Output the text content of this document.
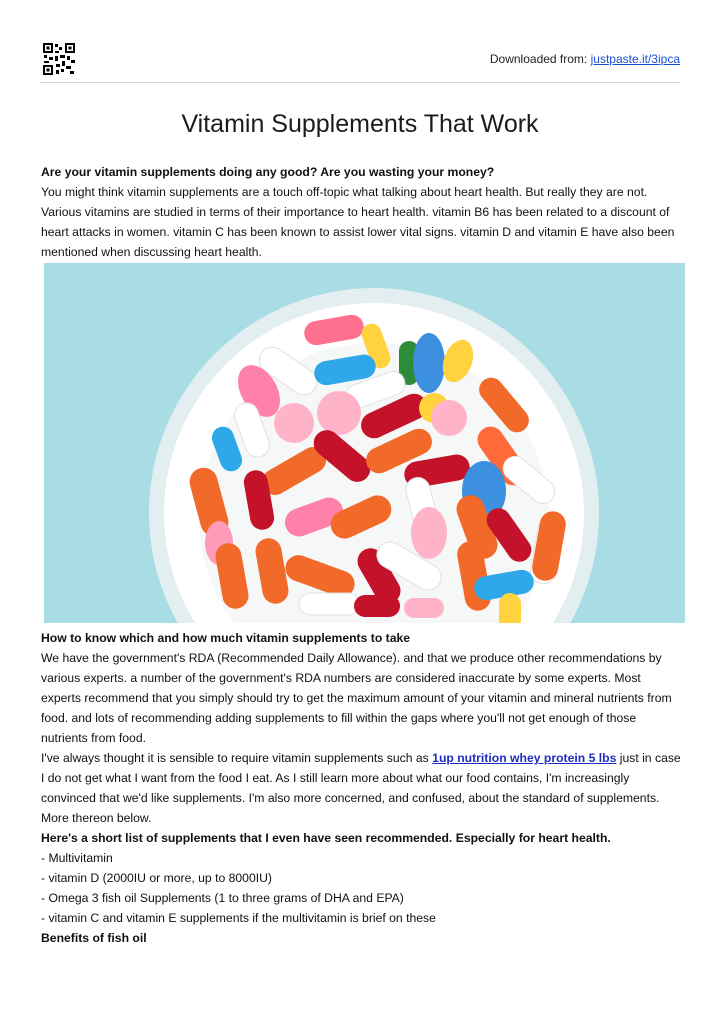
Downloaded from: justpaste.it/3ipca
Vitamin Supplements That Work

Are your vitamin supplements doing any good? Are you wasting your money?

You might think vitamin supplements are a touch off-topic what talking about heart health. But really they are not. Various vitamins are studied in terms of their importance to heart health. vitamin B6 has been related to a discount of heart attacks in women. vitamin C has been known to assist lower vital signs. vitamin D and vitamin E have also been mentioned when discussing heart health.

How to know which and how much vitamin supplements to take

We have the government's RDA (Recommended Daily Allowance). and that we produce other recommendations by various experts. a number of the government's RDA numbers are considered inaccurate by some experts. Most experts recommend that you simply should try to get the maximum amount of your vitamin and mineral nutrients from food. and lots of recommending adding supplements to fill within the gaps where you'll not get enough of those nutrients from food.

I've always thought it is sensible to require vitamin supplements such as 1up nutrition whey protein 5 lbs just in case I do not get what I want from the food I eat. As I still learn more about what our food contains, I'm increasingly convinced that we'd like supplements. I'm also more concerned, and confused, about the standard of supplements. More thereon below.

Here's a short list of supplements that I even have seen recommended. Especially for heart health.

- Multivitamin

- vitamin D (2000IU or more, up to 8000IU)

- Omega 3 fish oil Supplements (1 to three grams of DHA and EPA)

- vitamin C and vitamin E supplements if the multivitamin is brief on these

Benefits of fish oil
